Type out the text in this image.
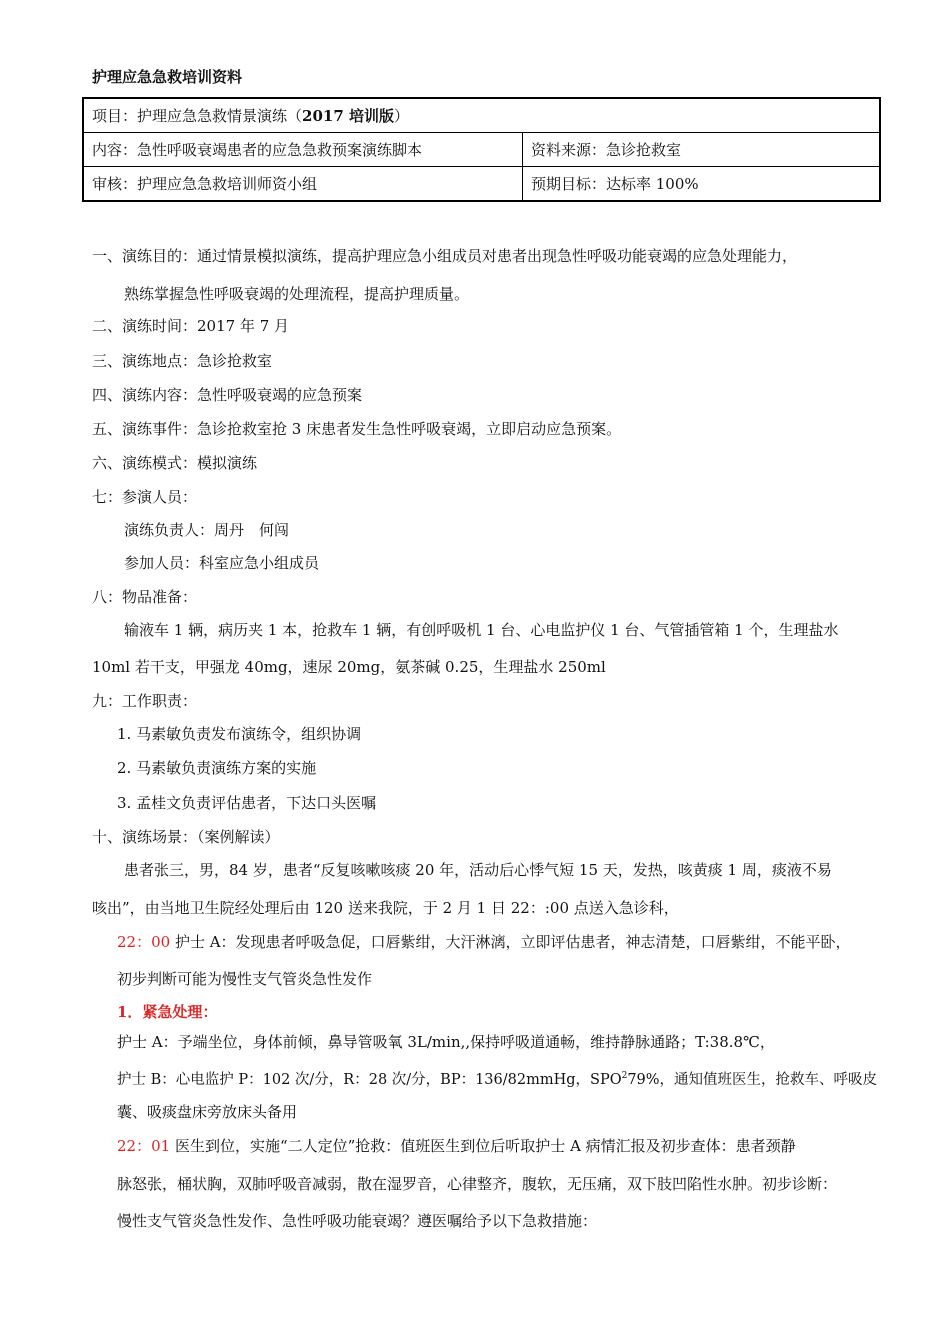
护理应急急救培训资料
项目：护理应急急救情景演练（2017 培训版）	
内容：急性呼吸衰竭患者的应急急救预案演练脚本	资料来源：急诊抢救室
审核：护理应急急救培训师资小组	预期目标：达标率 100%
一、演练目的：通过情景模拟演练，提高护理应急小组成员对患者出现急性呼吸功能衰竭的应急处理能力，
熟练掌握急性呼吸衰竭的处理流程，提高护理质量。
二、演练时间：2017 年 7 月
三、演练地点：急诊抢救室
四、演练内容：急性呼吸衰竭的应急预案
五、演练事件：急诊抢救室抢 3 床患者发生急性呼吸衰竭，立即启动应急预案。
六、演练模式：模拟演练
七：参演人员：
演练负责人：周丹　何闯
参加人员：科室应急小组成员
八：物品准备：
输液车 1 辆，病历夹 1 本，抢救车 1 辆，有创呼吸机 1 台、心电监护仪 1 台、气管插管箱 1 个，生理盐水
10ml 若干支，甲强龙 40mg，速尿 20mg，氨茶碱 0.25，生理盐水 250ml
九：工作职责：
1. 马素敏负责发布演练令，组织协调
2. 马素敏负责演练方案的实施
3. 孟桂文负责评估患者，下达口头医嘱
十、演练场景：（案例解读）
患者张三，男，84 岁，患者“反复咳嗽咳痰 20 年，活动后心悸气短 15 天，发热，咳黄痰 1 周，痰液不易
咳出”，由当地卫生院经处理后由 120 送来我院，于 2 月 1 日 22：:00 点送入急诊科，
22：00 护士 A：发现患者呼吸急促，口唇紫绀，大汗淋漓，立即评估患者，神志清楚，口唇紫绀，不能平卧，
初步判断可能为慢性支气管炎急性发作
1．紧急处理：
护士 A：予端坐位，身体前倾，鼻导管吸氧 3L/min,,保持呼吸道通畅，维持静脉通路；T:38.8℃，
护士 B：心电监护 P：102 次/分，R：28 次/分，BP：136/82mmHg，SPO$^2$79%，通知值班医生，抢救车、呼吸皮
囊、吸痰盘床旁放床头备用
22：01 医生到位，实施“二人定位”抢救：值班医生到位后听取护士 A 病情汇报及初步查体：患者颈静
脉怒张，桶状胸，双肺呼吸音减弱，散在湿罗音，心律整齐，腹软，无压痛，双下肢凹陷性水肿。初步诊断：
慢性支气管炎急性发作、急性呼吸功能衰竭？遵医嘱给予以下急救措施：
